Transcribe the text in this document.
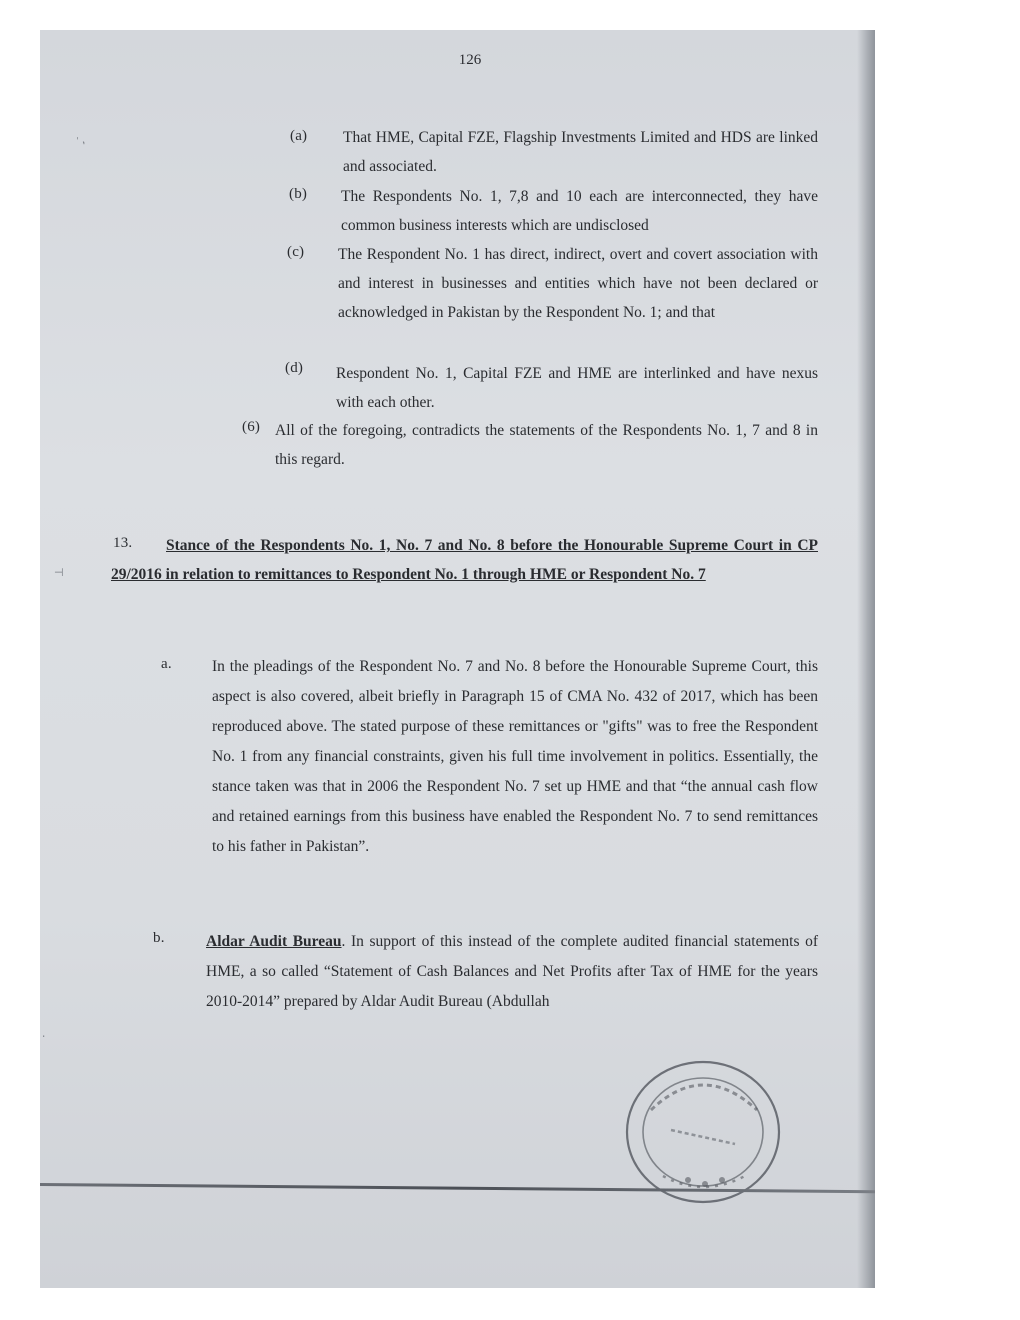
126
(a) That HME, Capital FZE, Flagship Investments Limited and HDS are linked and associated.
(b) The Respondents No. 1, 7,8 and 10 each are interconnected, they have common business interests which are undisclosed
(c) The Respondent No. 1 has direct, indirect, overt and covert association with and interest in businesses and entities which have not been declared or acknowledged in Pakistan by the Respondent No. 1; and that
(d) Respondent No. 1, Capital FZE and HME are interlinked and have nexus with each other.
(6) All of the foregoing, contradicts the statements of the Respondents No. 1, 7 and 8 in this regard.
13.	Stance of the Respondents No. 1, No. 7 and No. 8 before the Honourable Supreme Court in CP 29/2016 in relation to remittances to Respondent No. 1 through HME or Respondent No. 7
a.	In the pleadings of the Respondent No. 7 and No. 8 before the Honourable Supreme Court, this aspect is also covered, albeit briefly in Paragraph 15 of CMA No. 432 of 2017, which has been reproduced above. The stated purpose of these remittances or "gifts" was to free the Respondent No. 1 from any financial constraints, given his full time involvement in politics. Essentially, the stance taken was that in 2006 the Respondent No. 7 set up HME and that “the annual cash flow and retained earnings from this business have enabled the Respondent No. 7 to send remittances to his father in Pakistan”.
b.	Aldar Audit Bureau. In support of this instead of the complete audited financial statements of HME, a so called “Statement of Cash Balances and Net Profits after Tax of HME for the years 2010-2014” prepared by Aldar Audit Bureau (Abdullah
′,
⊣
⋅
